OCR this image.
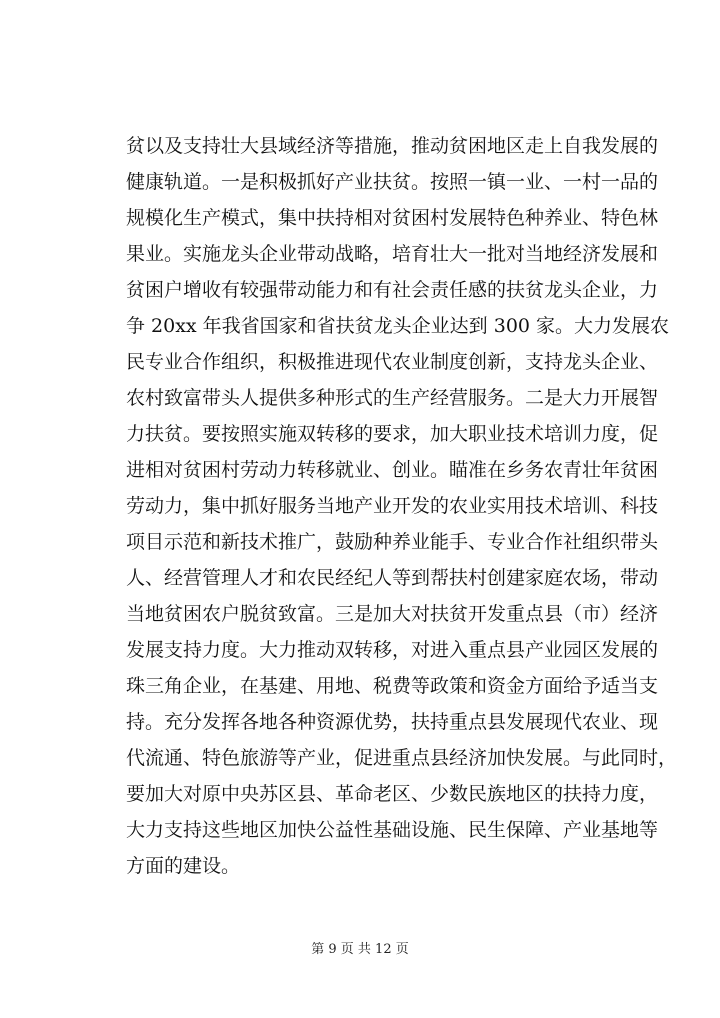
贫以及支持壮大县域经济等措施，推动贫困地区走上自我发展的
健康轨道。一是积极抓好产业扶贫。按照一镇一业、一村一品的
规模化生产模式，集中扶持相对贫困村发展特色种养业、特色林
果业。实施龙头企业带动战略，培育壮大一批对当地经济发展和
贫困户增收有较强带动能力和有社会责任感的扶贫龙头企业，力
争 20xx 年我省国家和省扶贫龙头企业达到 300 家。大力发展农
民专业合作组织，积极推进现代农业制度创新，支持龙头企业、
农村致富带头人提供多种形式的生产经营服务。二是大力开展智
力扶贫。要按照实施双转移的要求，加大职业技术培训力度，促
进相对贫困村劳动力转移就业、创业。瞄准在乡务农青壮年贫困
劳动力，集中抓好服务当地产业开发的农业实用技术培训、科技
项目示范和新技术推广，鼓励种养业能手、专业合作社组织带头
人、经营管理人才和农民经纪人等到帮扶村创建家庭农场，带动
当地贫困农户脱贫致富。三是加大对扶贫开发重点县（市）经济
发展支持力度。大力推动双转移，对进入重点县产业园区发展的
珠三角企业，在基建、用地、税费等政策和资金方面给予适当支
持。充分发挥各地各种资源优势，扶持重点县发展现代农业、现
代流通、特色旅游等产业，促进重点县经济加快发展。与此同时，
要加大对原中央苏区县、革命老区、少数民族地区的扶持力度，
大力支持这些地区加快公益性基础设施、民生保障、产业基地等
方面的建设。
第 9 页 共 12 页
